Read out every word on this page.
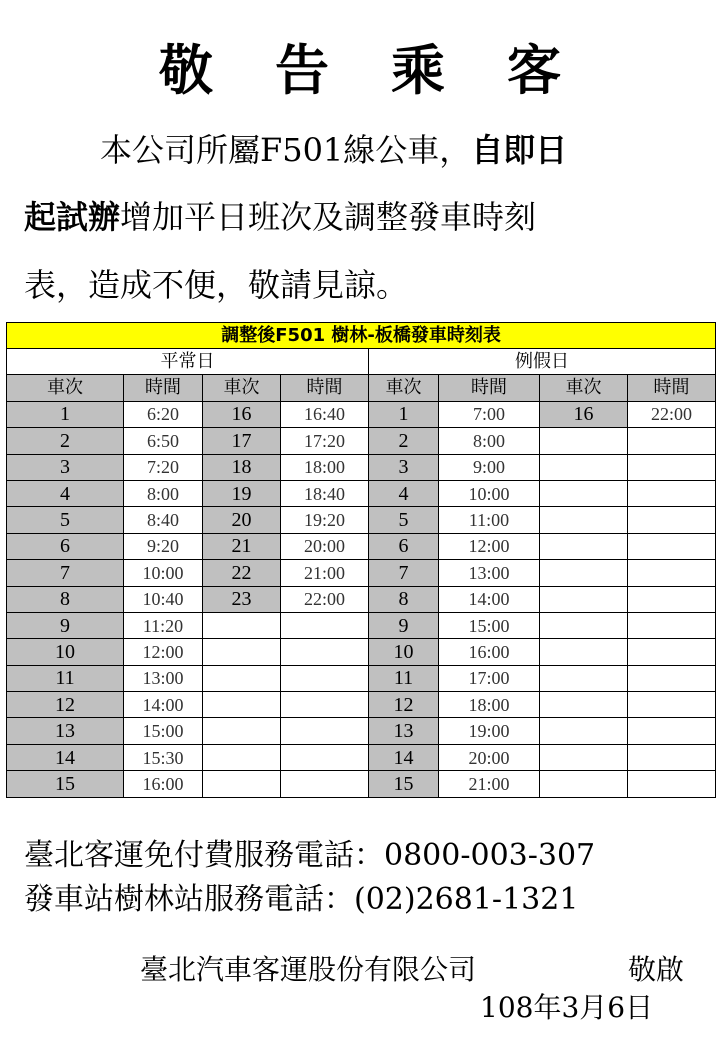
敬告乘客
本公司所屬F501線公車，自即日
起試辦增加平日班次及調整發車時刻
表，造成不便，敬請見諒。
調整後F501 樹林-板橋發車時刻表							
平常日				例假日			
車次	時間	車次	時間	車次	時間	車次	時間
1	6:20	16	16:40	1	7:00	16	22:00
2	6:50	17	17:20	2	8:00		
3	7:20	18	18:00	3	9:00		
4	8:00	19	18:40	4	10:00		
5	8:40	20	19:20	5	11:00		
6	9:20	21	20:00	6	12:00		
7	10:00	22	21:00	7	13:00		
8	10:40	23	22:00	8	14:00		
9	11:20			9	15:00		
10	12:00			10	16:00		
11	13:00			11	17:00		
12	14:00			12	18:00		
13	15:00			13	19:00		
14	15:30			14	20:00		
15	16:00			15	21:00		
臺北客運免付費服務電話：0800-003-307
發車站樹林站服務電話：(02)2681-1321
臺北汽車客運股份有限公司	敬啟
108年3月6日
